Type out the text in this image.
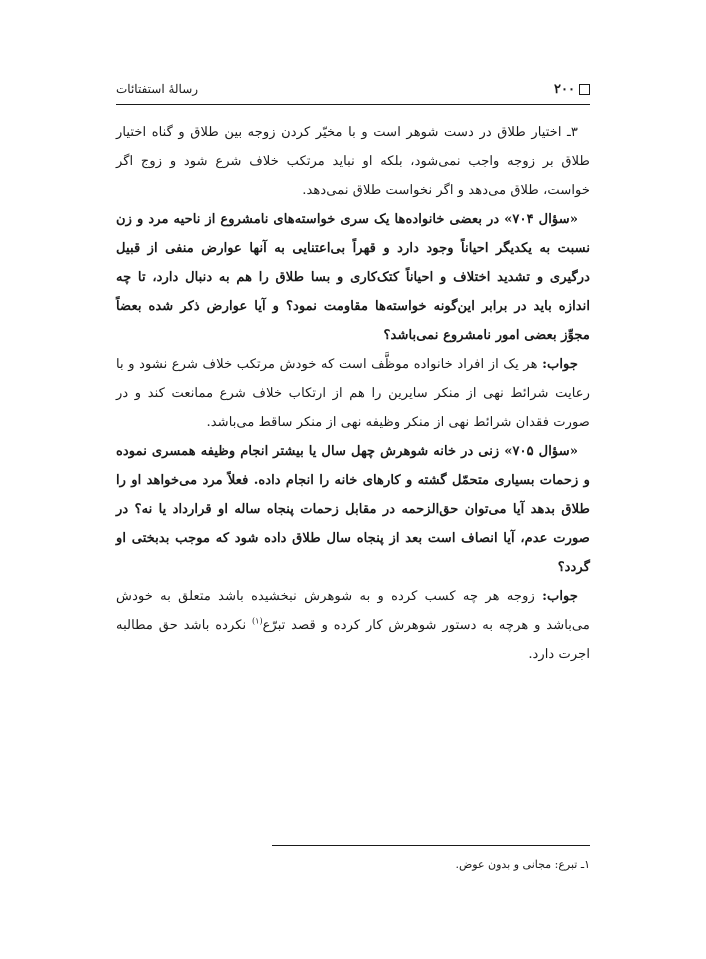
۲۰۰
رسالهٔ استفتائات

۳ـ اختیار طلاق در دست شوهر است و با مخیّر کردن زوجه بین طلاق و گناه اختیار طلاق بر زوجه واجب نمی‌شود، بلکه او نباید مرتکب خلاف شرع شود و زوج اگر خواست، طلاق می‌دهد و اگر نخواست طلاق نمی‌دهد.

«سؤال ۷۰۴» در بعضی خانواده‌ها یک سری خواسته‌های نامشروع از ناحیه مرد و زن نسبت به یکدیگر احیاناً وجود دارد و قهراً بی‌اعتنایی به آنها عوارض منفی از قبیل درگیری و تشدید اختلاف و احیاناً کتک‌کاری و بسا طلاق را هم به دنبال دارد، تا چه اندازه باید در برابر این‌گونه خواسته‌ها مقاومت نمود؟ و آیا عوارض ذکر شده بعضاً مجوِّز بعضی امور نامشروع نمی‌باشد؟

جواب: هر یک از افراد خانواده موظَّف است که خودش مرتکب خلاف شرع نشود و با رعایت شرائط نهی از منکر سایرین را هم از ارتکاب خلاف شرع ممانعت کند و در صورت فقدان شرائط نهی از منکر وظیفه نهی از منکر ساقط می‌باشد.

«سؤال ۷۰۵» زنی در خانه شوهرش چهل سال یا بیشتر انجام وظیفه همسری نموده و زحمات بسیاری متحمّل گشته و کارهای خانه را انجام داده. فعلاً مرد می‌خواهد او را طلاق بدهد آیا می‌توان حق‌الزحمه در مقابل زحمات پنجاه ساله او قرارداد یا نه؟ در صورت عدم، آیا انصاف است بعد از پنجاه سال طلاق داده شود که موجب بدبختی او گردد؟

جواب: زوجه هر چه کسب کرده و به شوهرش نبخشیده باشد متعلق به خودش می‌باشد و هرچه به دستور شوهرش کار کرده و قصد تبرّع$^{(۱)}$ نکرده باشد حق مطالبه اجرت دارد.

۱ـ تبرع: مجانی و بدون عوض.
